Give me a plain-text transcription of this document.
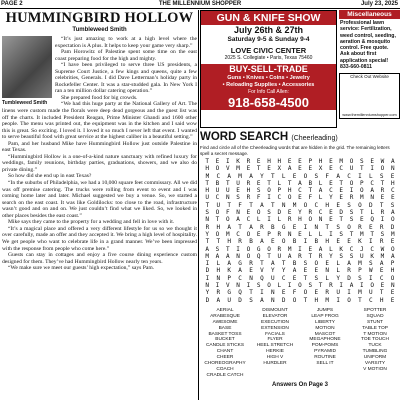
PAGE 2	THE MILLENNIUM SHOPPER	July 23, 2025
HUMMINGBIRD HOLLOW
Tumbleweed Smith
Tumbleweed Smith

“It’s just amazing to work at a high level where the expectation is A plus. It helps to keep your game very sharp.”

Pam Horowitz of Palestine spent some time on the east coast preparing food for the high and mighty.

“I have been privileged to serve three US presidents, a Supreme Court Justice, a few kings and queens, quite a few celebrities, Generals. I did Dave Letterman’s holiday party in Rockefeller Center. It was a star-studded gala. In New York I ran a ten million dollar catering operation.”

She prepared food for big crowds.

“We had this huge party at the National Gallery of Art. The linens were custom made the florals were deep dead gorgeous and the guest list was off the charts. It included President Reagan, Prime Minister Ghandi and 1600 other people. The menu was printed out, the equipment was in the kitchen and I said wow this is great. So exciting. I loved it. I loved it so much I never left that event. I wanted to serve beautiful food with great service at the highest caliber in a beautiful setting.”

Pam, and her husband Mike have Hummingbird Hollow just outside Palestine in east Texas.

“Hummingbird Hollow is a one-of-a-kind nature sanctuary with refined luxury for weddings, family reunions, birthday parties, graduations, showers, and we also do private dining.”

So how did she end up in east Texas?

“In the suburbs of Philadelphia, we had a 10,000 square feet commissary. All we did was off premise catering. The trucks were rolling from event to event and I was coming home later and later. Michael suggested we buy a venue. So, we started a search on the east coast. It was like Goldilocks: too close to the road, infrastructure wasn’t good and on and on. We just couldn’t find what we liked. So, we looked in other places besides the east coast.”

Mike says they came to the property for a wedding and fell in love with it.

“It’s a magical place and offered a very different lifestyle for us so we thought it over carefully, made an offer and they accepted it. We bring a high level of hospitality. We get people who want to celebrate life in a grand manner. We’ve been impressed with the response from people who come here.”

Guests can stay in cottages and enjoy a five course dining experience custom designed for them. They’ve had Hummingbird Hollow nearly ten years.

“We make sure we meet our guests’ high expectation,” says Pam.

GUN & KNIFE SHOW
July 26th & 27th
Saturday 9-5 & Sunday 9-4
LOVE CIVIC CENTER
2025 S. Collegiate • Paris, Texas 75460
BUY-SELL-TRADE
Guns • Knives • Coins • Jewelry
• Reloading Supplies • Accessories
For Info Call Allen:
918-658-4500
Miscellaneous
Professional lawn service: Fertilization, weed control, seeding, aeration & mosquito control. Free quote. Ask about first application special! 833-660-0811
Check Out Website
www.themillenniumshopper.com
WORD SEARCH (Cheerleading)
Find and circle all of the Cheerleading words that are hidden in the grid. The remaining letters spell a secret message.
T	E	I	K	R	E	H	H	E	E	P	H	E	M	O	S	E	W	A
H	O	V	M	E	T	E	X	A	E	E	X	E	C	U	T	I	O	N
M	C	A	M	A	Y	T	L	E	O	S	F	A	C	I	L	S	E
T	B	T	U	R	E	Т	L	T	A	B	L	E	T	O	P	C	T	H
H	U	U	E	H	S	O	P	H	C	T	A	C	E	I	O	A	R	C
U	C	N	S	R	F	I	C	O	E	F	L	Y	E	R	M	N	E	E
T	U	T	F	T	A	T	N	M	O	C	H	E	S	O	D	T	S
S	O	F	N	E	O	S	D	E	Y	R	C	E	D	S	T	L	R	A
N	T	O	A	C	L	I	L	R	H	O	N	E	T	S	E	Q	I	O
R	H	A	T	A	R	B	G	E	I	N	T	S	O	R	E	R	D
Y	O	M	C	O	E	P	R	N	E	L	L	I	S	T	M	T	S	M
T	T	H	R	B	A	E	O	B	I	B	H	E	E	K	I	R	E
A	S	T	I	O	G	O	R	M	I	E	A	L	K	C	J	C	W	O
M	A	A	N	O	Q	T	U	A	R	T	R	Y	S	S	U	K	M	A
I	L	A	G	R	T	A	T	B	S	O	E	L	A	M	S	A	P
D	H	K	A	E	V	Y	Y	A	E	E	N	L	R	P	W	E	H
I	N	P	C	N	Q	U	C	E	T	S	L	Y	D	S	I	C	O
N	I	V	N	I	S	O	L	I	O	S	T	R	I	A	I	O	E	N
Y	R	G	Q	T	I	N	E	F	O	E	R	U	I	M	U	T	E
D	A	U	D	S	A	N	D	O	T	H	M	I	O	T	C	H	E
AERIAL
ARABESQUE
AWESOME
BASE
BASKET TOSS
BUCKET
CANDLE STICKS
CHANT
CHEER
CHOREOGRAPHY
COACH
CRADLE CATCH
DISMOUNT
ELEVATOR
EXECUTION
EXTENSION
FACIALS
FLYER
HEEL STRETCH
HERKIE
HIGH V
HURDLER
JUMPS
LEAP FROG
LIBERTY
MOTION
MASCOT
MEGAPHONE
POM-POMS
PYRAMID
ROUTINE
SELL IT
SPOTTER
SQUAD
STUNT
TABLE TOP
T MOTION
TOE TOUCH
TUCK
TUMBLING
UNIFORM
VARSITY
V MOTION
Answers On Page 3
